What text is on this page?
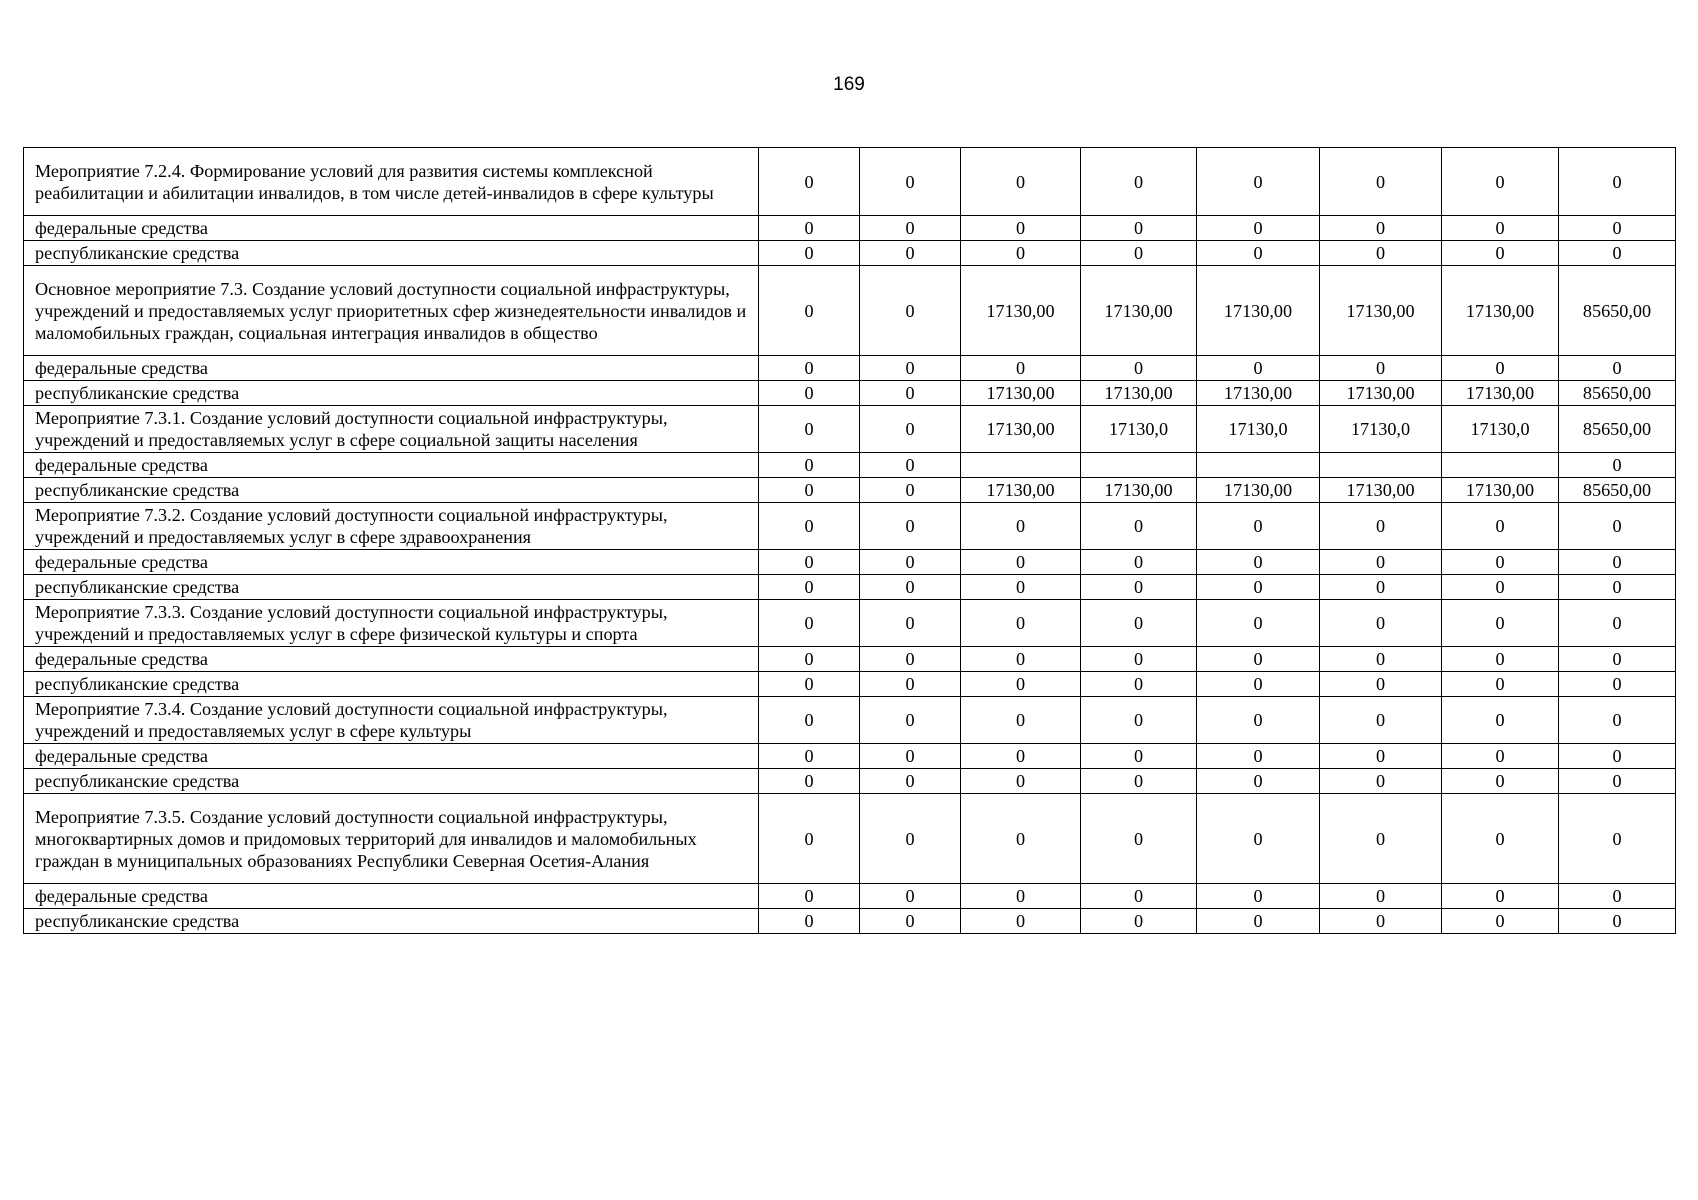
169
Мероприятие 7.2.4. Формирование условий для развития системы комплексной реабилитации и абилитации инвалидов, в том числе детей-инвалидов в сфере культуры	0	0	0	0	0	0	0	0
федеральные средства	0	0	0	0	0	0	0	0
республиканские средства	0	0	0	0	0	0	0	0
Основное мероприятие 7.3. Создание условий доступности социальной инфраструктуры, учреждений и предоставляемых услуг приоритетных сфер жизнедеятельности инвалидов и маломобильных граждан, социальная интеграция инвалидов в общество	0	0	17130,00	17130,00	17130,00	17130,00	17130,00	85650,00
федеральные средства	0	0	0	0	0	0	0	0
республиканские средства	0	0	17130,00	17130,00	17130,00	17130,00	17130,00	85650,00
Мероприятие 7.3.1. Создание условий доступности социальной инфраструктуры, учреждений и предоставляемых услуг в сфере социальной защиты населения	0	0	17130,00	17130,0	17130,0	17130,0	17130,0	85650,00
федеральные средства	0	0						0
республиканские средства	0	0	17130,00	17130,00	17130,00	17130,00	17130,00	85650,00
Мероприятие 7.3.2. Создание условий доступности социальной инфраструктуры, учреждений и предоставляемых услуг в сфере здравоохранения	0	0	0	0	0	0	0	0
федеральные средства	0	0	0	0	0	0	0	0
республиканские средства	0	0	0	0	0	0	0	0
Мероприятие 7.3.3. Создание условий доступности социальной инфраструктуры, учреждений и предоставляемых услуг в сфере физической культуры и спорта	0	0	0	0	0	0	0	0
федеральные средства	0	0	0	0	0	0	0	0
республиканские средства	0	0	0	0	0	0	0	0
Мероприятие 7.3.4. Создание условий доступности социальной инфраструктуры, учреждений и предоставляемых услуг в сфере культуры	0	0	0	0	0	0	0	0
федеральные средства	0	0	0	0	0	0	0	0
республиканские средства	0	0	0	0	0	0	0	0
Мероприятие 7.3.5. Создание условий доступности социальной инфраструктуры, многоквартирных домов и придомовых территорий для инвалидов и маломобильных граждан в муниципальных образованиях Республики Северная Осетия-Алания	0	0	0	0	0	0	0	0
федеральные средства	0	0	0	0	0	0	0	0
республиканские средства	0	0	0	0	0	0	0	0
